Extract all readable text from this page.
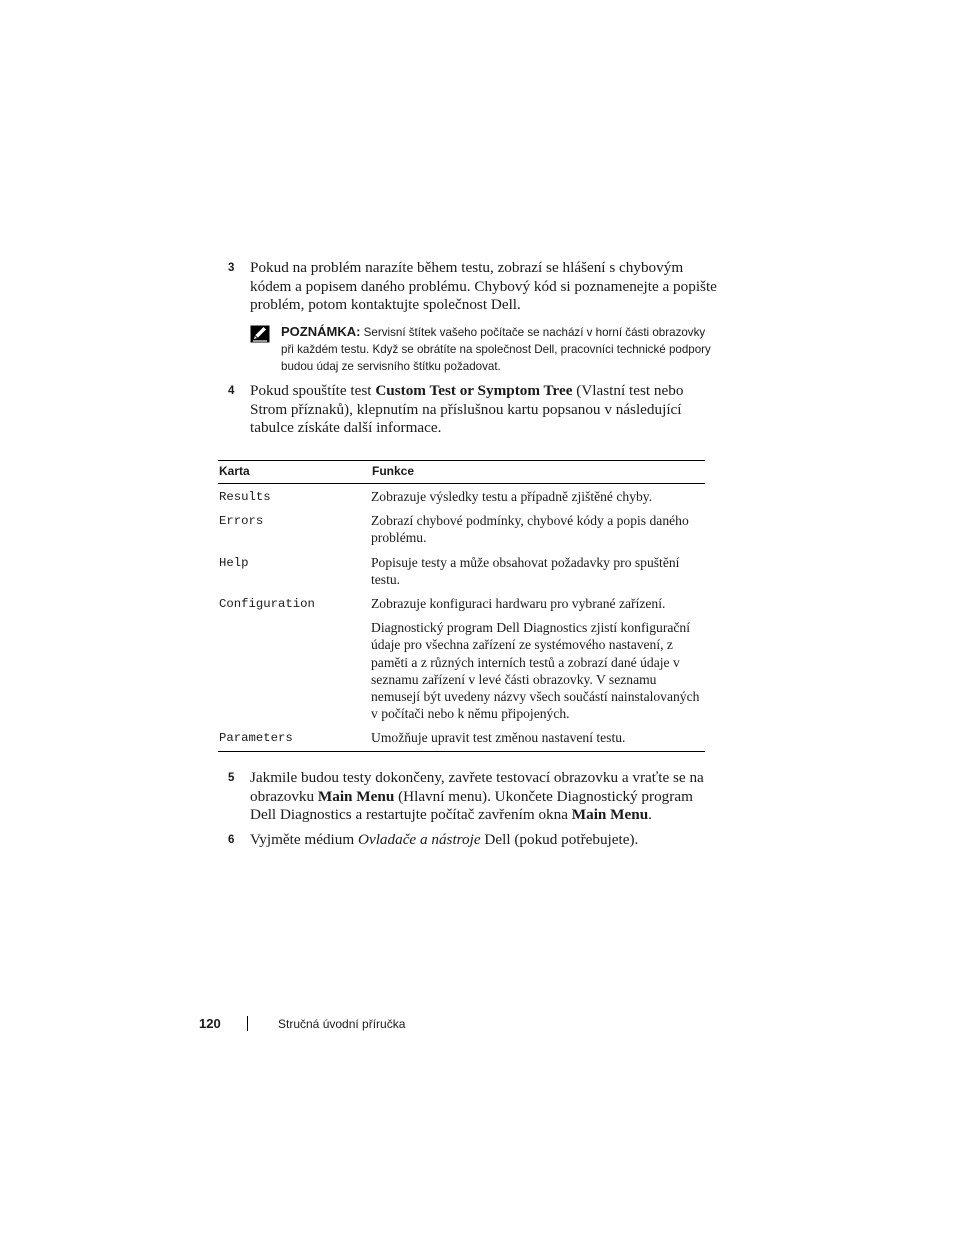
3 Pokud na problém narazíte během testu, zobrazí se hlášení s chybovým kódem a popisem daného problému. Chybový kód si poznamenejte a popište problém, potom kontaktujte společnost Dell.
POZNÁMKA: Servisní štítek vašeho počítače se nachází v horní části obrazovky při každém testu. Když se obrátíte na společnost Dell, pracovníci technické podpory budou údaj ze servisního štítku požadovat.
4 Pokud spouštíte test Custom Test or Symptom Tree (Vlastní test nebo Strom příznaků), klepnutím na příslušnou kartu popsanou v následující tabulce získáte další informace.
Karta	Funkce
Results	Zobrazuje výsledky testu a případně zjištěné chyby.
Errors	Zobrazí chybové podmínky, chybové kódy a popis daného problému.
Help	Popisuje testy a může obsahovat požadavky pro spuštění testu.
Configuration	Zobrazuje konfiguraci hardwaru pro vybrané zařízení.
	Diagnostický program Dell Diagnostics zjistí konfigurační údaje pro všechna zařízení ze systémového nastavení, z paměti a z různých interních testů a zobrazí dané údaje v seznamu zařízení v levé části obrazovky. V seznamu nemusejí být uvedeny názvy všech součástí nainstalovaných v počítači nebo k němu připojených.
Parameters	Umožňuje upravit test změnou nastavení testu.
5 Jakmile budou testy dokončeny, zavřete testovací obrazovku a vraťte se na obrazovku Main Menu (Hlavní menu). Ukončete Diagnostický program Dell Diagnostics a restartujte počítač zavřením okna Main Menu.
6 Vyjměte médium Ovladače a nástroje Dell (pokud potřebujete).
120	Stručná úvodní příručka
